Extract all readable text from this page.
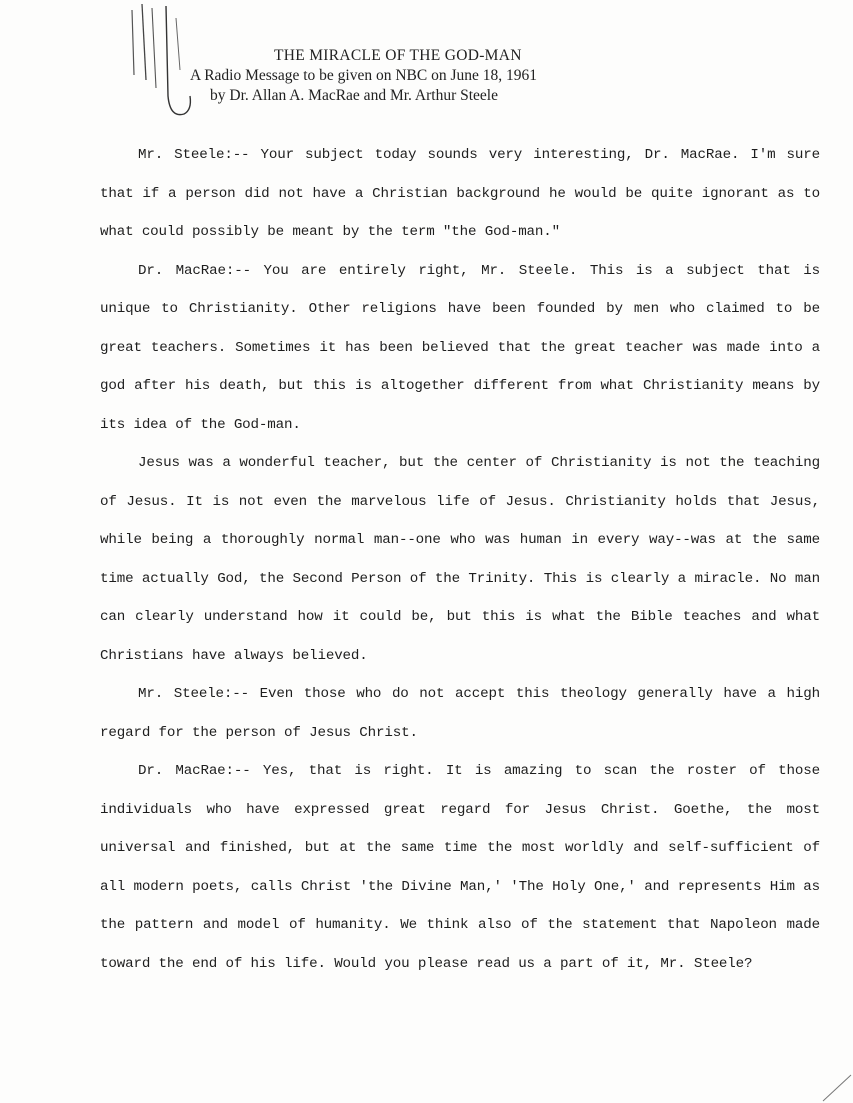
THE MIRACLE OF THE GOD-MAN
A Radio Message to be given on NBC on June 18, 1961
by Dr. Allan A. MacRae and Mr. Arthur Steele

Mr. Steele:-- Your subject today sounds very interesting, Dr. MacRae. I'm sure that if a person did not have a Christian background he would be quite ignorant as to what could possibly be meant by the term "the God-man."

Dr. MacRae:-- You are entirely right, Mr. Steele. This is a subject that is unique to Christianity. Other religions have been founded by men who claimed to be great teachers. Sometimes it has been believed that the great teacher was made into a god after his death, but this is altogether different from what Christianity means by its idea of the God-man.

Jesus was a wonderful teacher, but the center of Christianity is not the teaching of Jesus. It is not even the marvelous life of Jesus. Christianity holds that Jesus, while being a thoroughly normal man--one who was human in every way--was at the same time actually God, the Second Person of the Trinity. This is clearly a miracle. No man can clearly understand how it could be, but this is what the Bible teaches and what Christians have always believed.

Mr. Steele:-- Even those who do not accept this theology generally have a high regard for the person of Jesus Christ.

Dr. MacRae:-- Yes, that is right. It is amazing to scan the roster of those individuals who have expressed great regard for Jesus Christ. Goethe, the most universal and finished, but at the same time the most worldly and self-sufficient of all modern poets, calls Christ 'the Divine Man,' 'The Holy One,' and represents Him as the pattern and model of humanity. We think also of the statement that Napoleon made toward the end of his life. Would you please read us a part of it, Mr. Steele?
